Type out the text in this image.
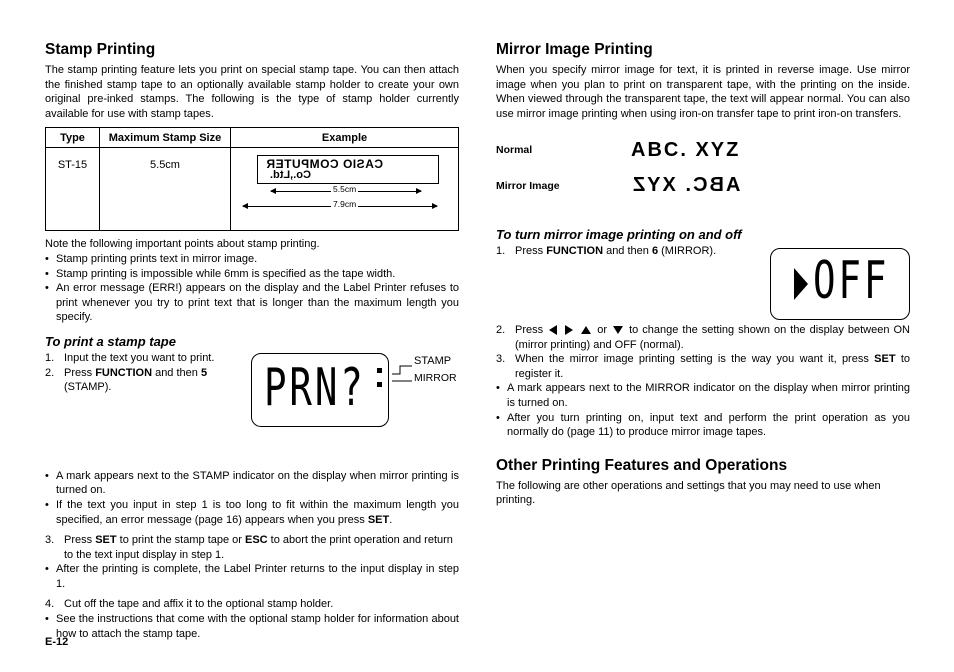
Stamp Printing

The stamp printing feature lets you print on special stamp tape. You can then attach the finished stamp tape to an optionally available stamp holder to create your own original pre-inked stamps. The following is the type of stamp holder currently available for use with stamp tapes.

Type	Maximum Stamp Size	Example
ST-15	5.5cm	CASIO COMPUTER
Co.,Ltd.
5.5cm
7.9cm

Note the following important points about stamp printing.

• Stamp printing prints text in mirror image.
• Stamp printing is impossible while 6mm is specified as the tape width.
• An error message (ERR!) appears on the display and the Label Printer refuses to print whenever you try to print text that is longer than the maximum length you specify.
To print a stamp tape
1. Input the text you want to print.
2. Press FUNCTION and then 5 (STAMP).
• A mark appears next to the STAMP indicator on the display when mirror printing is turned on.
• If the text you input in step 1 is too long to fit within the maximum length you specified, an error message (page 16) appears when you press SET.
3. Press SET to print the stamp tape or ESC to abort the print operation and return to the text input display in step 1.
• After the printing is complete, the Label Printer returns to the input display in step 1.
4. Cut off the tape and affix it to the optional stamp holder.
• See the instructions that come with the optional stamp holder for information about how to attach the stamp tape.
PRN?	STAMP
MIRROR
Mirror Image Printing

When you specify mirror image for text, it is printed in reverse image. Use mirror image when you plan to print on transparent tape, with the printing on the inside. When viewed through the transparent tape, the text will appear normal. You can also use mirror image printing when using iron-on transfer tape to print iron-on transfers.

Normal	ABC. XYZ
Mirror Image	ABC. XYZ
To turn mirror image printing on and off
1. Press FUNCTION and then 6 (MIRROR).
2. Press	or to change the setting shown on the display between ON (mirror printing) and OFF (normal).
3. When the mirror image printing setting is the way you want it, press SET to register it.
• A mark appears next to the MIRROR indicator on the display when mirror printing is turned on.
• After you turn printing on, input text and perform the print operation as you normally do (page 11) to produce mirror image tapes.
Other Printing Features and Operations

The following are other operations and settings that you may need to use when printing.

OFF
E-12
